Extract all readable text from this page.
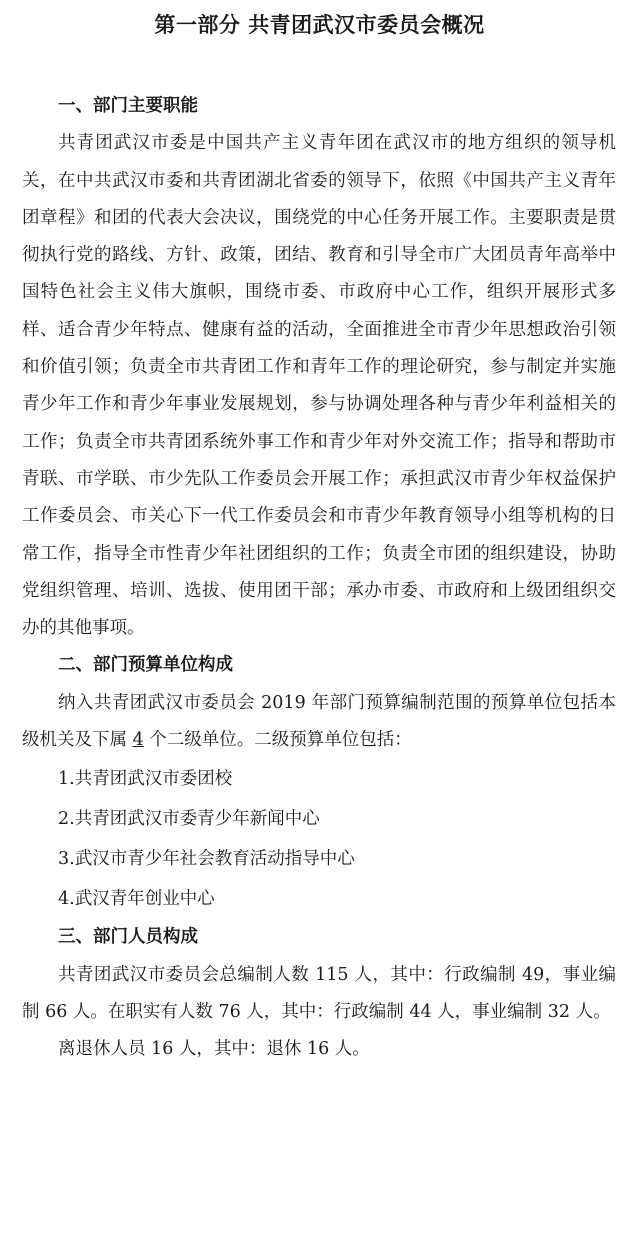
第一部分 共青团武汉市委员会概况
一、部门主要职能

共青团武汉市委是中国共产主义青年团在武汉市的地方组织的领导机关，在中共武汉市委和共青团湖北省委的领导下，依照《中国共产主义青年团章程》和团的代表大会决议，围绕党的中心任务开展工作。主要职责是贯彻执行党的路线、方针、政策，团结、教育和引导全市广大团员青年高举中国特色社会主义伟大旗帜，围绕市委、市政府中心工作，组织开展形式多样、适合青少年特点、健康有益的活动，全面推进全市青少年思想政治引领和价值引领；负责全市共青团工作和青年工作的理论研究，参与制定并实施青少年工作和青少年事业发展规划，参与协调处理各种与青少年利益相关的工作；负责全市共青团系统外事工作和青少年对外交流工作；指导和帮助市青联、市学联、市少先队工作委员会开展工作；承担武汉市青少年权益保护工作委员会、市关心下一代工作委员会和市青少年教育领导小组等机构的日常工作，指导全市性青少年社团组织的工作；负责全市团的组织建设，协助党组织管理、培训、选拔、使用团干部；承办市委、市政府和上级团组织交办的其他事项。

二、部门预算单位构成

纳入共青团武汉市委员会 2019 年部门预算编制范围的预算单位包括本级机关及下属 4 个二级单位。二级预算单位包括：

1.共青团武汉市委团校
2.共青团武汉市委青少年新闻中心
3.武汉市青少年社会教育活动指导中心
4.武汉青年创业中心
三、部门人员构成

共青团武汉市委员会总编制人数 115 人，其中：行政编制 49，事业编制 66 人。在职实有人数 76 人，其中：行政编制 44 人，事业编制 32 人。

离退休人员 16 人，其中：退休 16 人。
